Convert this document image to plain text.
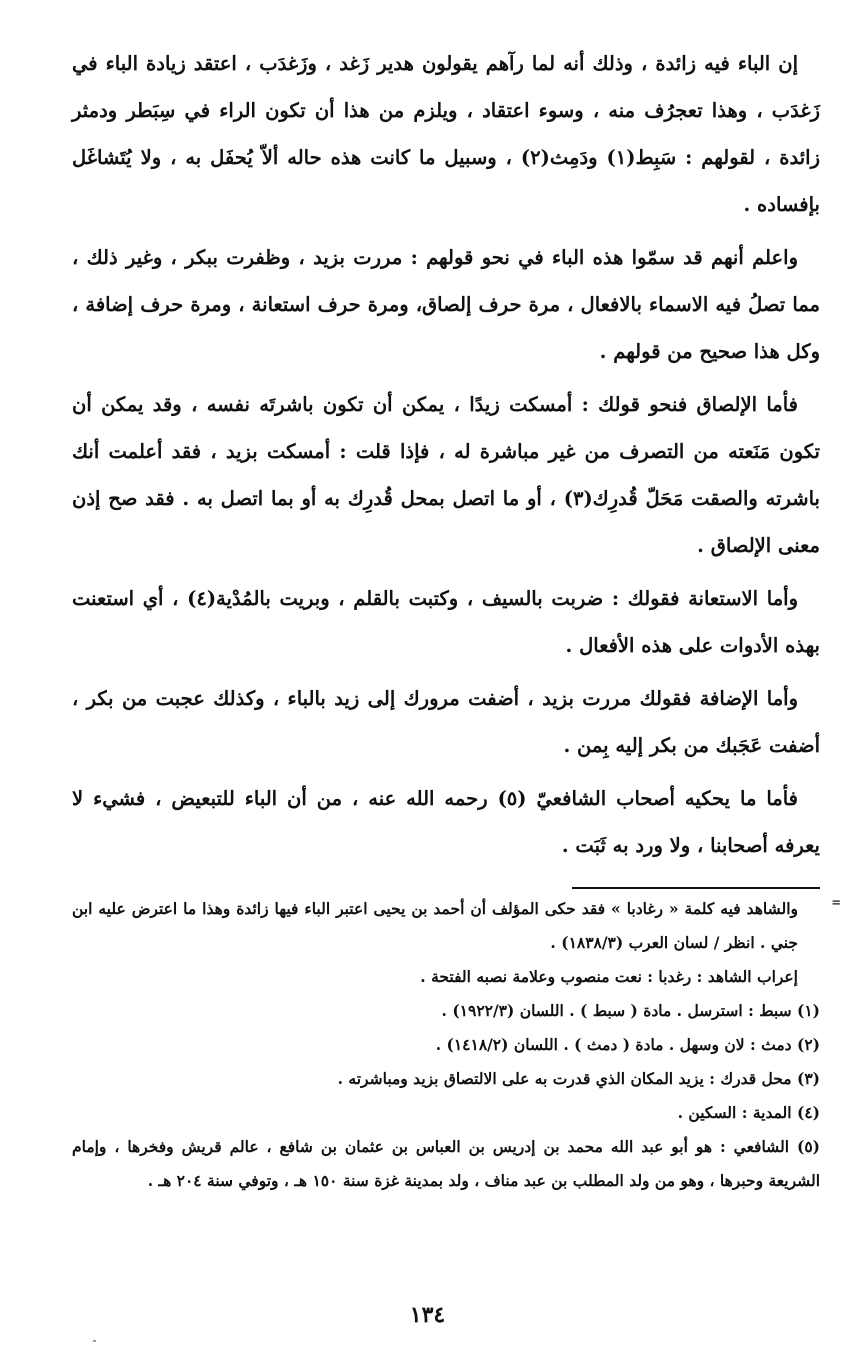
إن الباء فيه زائدة ، وذلك أنه لما رآهم يقولون هدير زَغد ، وزَغدَب ، اعتقد زيادة الباء في زَغدَب ، وهذا تعجرُف منه ، وسوء اعتقاد ، ويلزم من هذا أن تكون الراء في سِبَطر ودمثر زائدة ، لقولهم : سَبِط(١) ودَمِث(٢) ، وسبيل ما كانت هذه حاله ألاّ يُحفَل به ، ولا يُتَشاغَل بإفساده .

واعلم أنهم قد سمّوا هذه الباء في نحو قولهم : مررت بزيد ، وظفرت ببكر ، وغير ذلك ، مما تصلُ فيه الاسماء بالافعال ، مرة حرف إلصاق، ومرة حرف استعانة ، ومرة حرف إضافة ، وكل هذا صحيح من قولهم .

فأما الإلصاق فنحو قولك : أمسكت زيدًا ، يمكن أن تكون باشرتَه نفسه ، وقد يمكن أن تكون مَنَعته من التصرف من غير مباشرة له ، فإذا قلت : أمسكت بزيد ، فقد أعلمت أنك باشرته والصقت مَحَلّ قُدرِك(٣) ، أو ما اتصل بمحل قُدرِك به أو بما اتصل به . فقد صح إذن معنى الإلصاق .

وأما الاستعانة فقولك : ضربت بالسيف ، وكتبت بالقلم ، وبريت بالمُدْية(٤) ، أي استعنت بهذه الأدوات على هذه الأفعال .

وأما الإضافة فقولك مررت بزيد ، أضفت مرورك إلى زيد بالباء ، وكذلك عجبت من بكر ، أضفت عَجَبك من بكر إليه بِمن .

فأما ما يحكيه أصحاب الشافعيّ (٥) رحمه الله عنه ، من أن الباء للتبعيض ، فشيء لا يعرفه أصحابنا ، ولا ورد به ثَبَت .

=

والشاهد فيه كلمة « رغادبا » فقد حكى المؤلف أن أحمد بن يحيى اعتبر الباء فيها زائدة وهذا ما اعترض عليه ابن جني . انظر / لسان العرب (١٨٣٨/٣) .

إعراب الشاهد : رغدبا : نعت منصوب وعلامة نصبه الفتحة .

(١) سبط : استرسل . مادة ( سبط ) . اللسان (١٩٢٢/٣) .

(٢) دمث : لان وسهل . مادة ( دمث ) . اللسان (١٤١٨/٢) .

(٣) محل قدرك : يزيد المكان الذي قدرت به على الالتصاق بزيد ومباشرته .

(٤) المدية : السكين .

(٥) الشافعي : هو أبو عبد الله محمد بن إدريس بن العباس بن عثمان بن شافع ، عالم قريش وفخرها ، وإمام الشريعة وحبرها ، وهو من ولد المطلب بن عبد مناف ، ولد بمدينة غزة سنة ١٥٠ هـ ، وتوفي سنة ٢٠٤ هـ .

١٣٤
